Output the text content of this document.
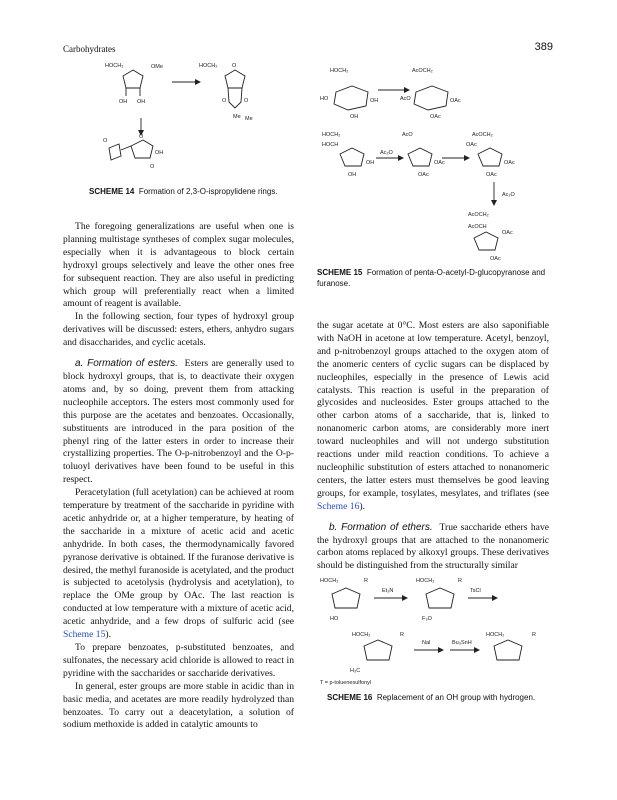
Carbohydrates	389
HOCH₂	OMe	HOCH₂	O
OH OH	O	O
Me Me
O
O
OH
O
SCHEME 14 Formation of 2,3-O-ispropylidene rings.
HOCH₂	AcOCH₂
HO
OH
OH	OAc
OAc
AcO
HOCH₂
HOCH
AcO	AcOCH₂
OH	OAc	OAc
OAc
OH	OAc
OAc
Ac₂O
Ac₂O
AcOCH₂
AcOCH
OAc
OAc
SCHEME 15 Formation of penta-O-acetyl-D-glucopyranose and furanose.

The foregoing generalizations are useful when one is planning multistage syntheses of complex sugar molecules, especially when it is advantageous to block certain hydroxyl groups selectively and leave the other ones free for subsequent reaction. They are also useful in predicting which group will preferentially react when a limited amount of reagent is available.

In the following section, four types of hydroxyl group derivatives will be discussed: esters, ethers, anhydro sugars and disaccharides, and cyclic acetals.

a. Formation of esters. Esters are generally used to block hydroxyl groups, that is, to deactivate their oxygen atoms and, by so doing, prevent them from attacking nucleophile acceptors. The esters most commonly used for this purpose are the acetates and benzoates. Occasionally, substituents are introduced in the para position of the phenyl ring of the latter esters in order to increase their crystallizing properties. The O-p-nitrobenzoyl and the O-p-toluoyl derivatives have been found to be useful in this respect.

Peracetylation (full acetylation) can be achieved at room temperature by treatment of the saccharide in pyridine with acetic anhydride or, at a higher temperature, by heating of the saccharide in a mixture of acetic acid and acetic anhydride. In both cases, the thermodynamically favored pyranose derivative is obtained. If the furanose derivative is desired, the methyl furanoside is acetylated, and the product is subjected to acetolysis (hydrolysis and acetylation), to replace the OMe group by OAc. The last reaction is conducted at low temperature with a mixture of acetic acid, acetic anhydride, and a few drops of sulfuric acid (see Scheme 15).

To prepare benzoates, p-substituted benzoates, and sulfonates, the necessary acid chloride is allowed to react in pyridine with the saccharides or saccharide derivatives.

In general, ester groups are more stable in acidic than in basic media, and acetates are more readily hydrolyzed than benzoates. To carry out a deacetylation, a solution of sodium methoxide is added in catalytic amounts to

the sugar acetate at 0°C. Most esters are also saponifiable with NaOH in acetone at low temperature. Acetyl, benzoyl, and p-nitrobenzoyl groups attached to the oxygen atom of the anomeric centers of cyclic sugars can be displaced by nucleophiles, especially in the presence of Lewis acid catalysts. This reaction is useful in the preparation of glycosides and nucleosides. Ester groups attached to the other carbon atoms of a saccharide, that is, linked to nonanomeric carbon atoms, are considerably more inert toward nucleophiles and will not undergo substitution reactions under mild reaction conditions. To achieve a nucleophilic substitution of esters attached to nonanomeric centers, the latter esters must themselves be good leaving groups, for example, tosylates, mesylates, and triflates (see Scheme 16).

b. Formation of ethers. True saccharide ethers have the hydroxyl groups that are attached to the nonanomeric carbon atoms replaced by alkoxyl groups. These derivatives should be distinguished from the structurally similar

HOCH₂	R	HOCH₂	R
HO	F₃O
Et₃N	TsCl
HOCH₂	R	HOCH₂	R
H₃C
NaI	Bu₃SnH
T = p-toluenesulfonyl
SCHEME 16 Replacement of an OH group with hydrogen.
